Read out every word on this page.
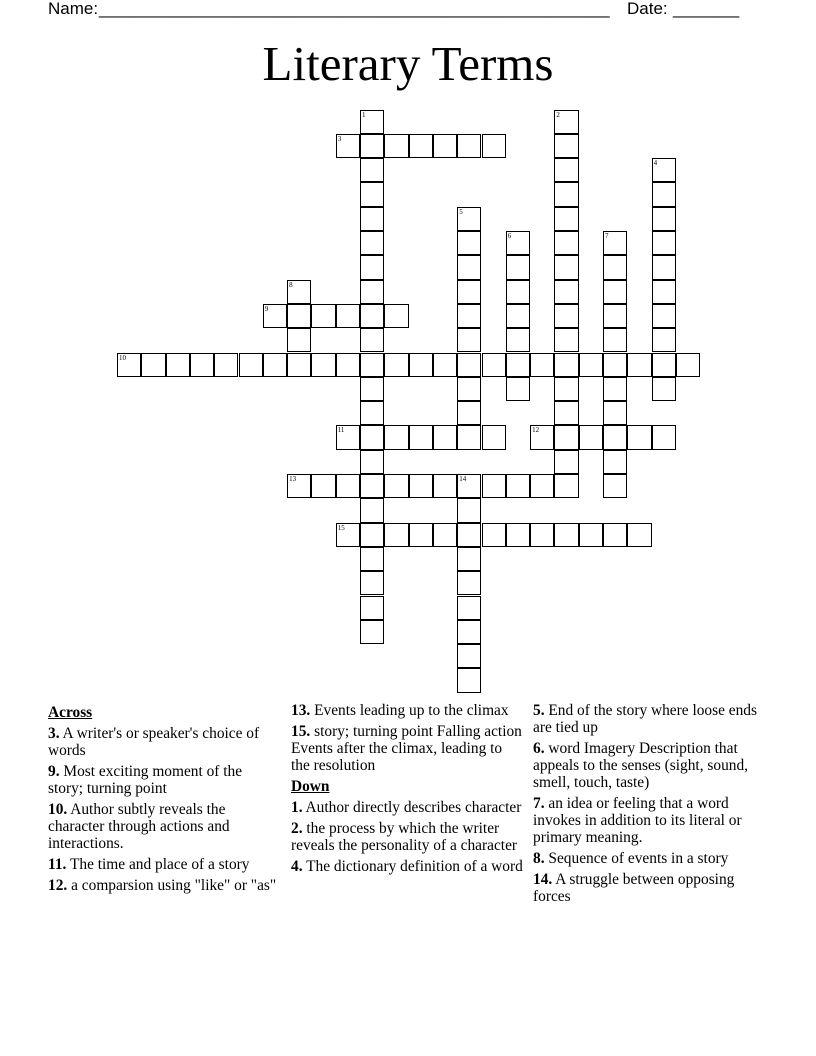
Name: ______________________________________________________ Date: _______
Literary Terms
3
9
10
11	12
13	14
15
1	2
4
5
6	7
8
Across
3. A writer's or speaker's choice of words
9. Most exciting moment of the story; turning point
10. Author subtly reveals the character through actions and interactions.
11. The time and place of a story
12. a comparsion using "like" or "as"
13. Events leading up to the climax
15. story; turning point Falling action Events after the climax, leading to the resolution
Down
1. Author directly describes character
2. the process by which the writer reveals the personality of a character
4. The dictionary definition of a word
5. End of the story where loose ends are tied up
6. word Imagery Description that appeals to the senses (sight, sound, smell, touch, taste)
7. an idea or feeling that a word invokes in addition to its literal or primary meaning.
8. Sequence of events in a story
14. A struggle between opposing forces
